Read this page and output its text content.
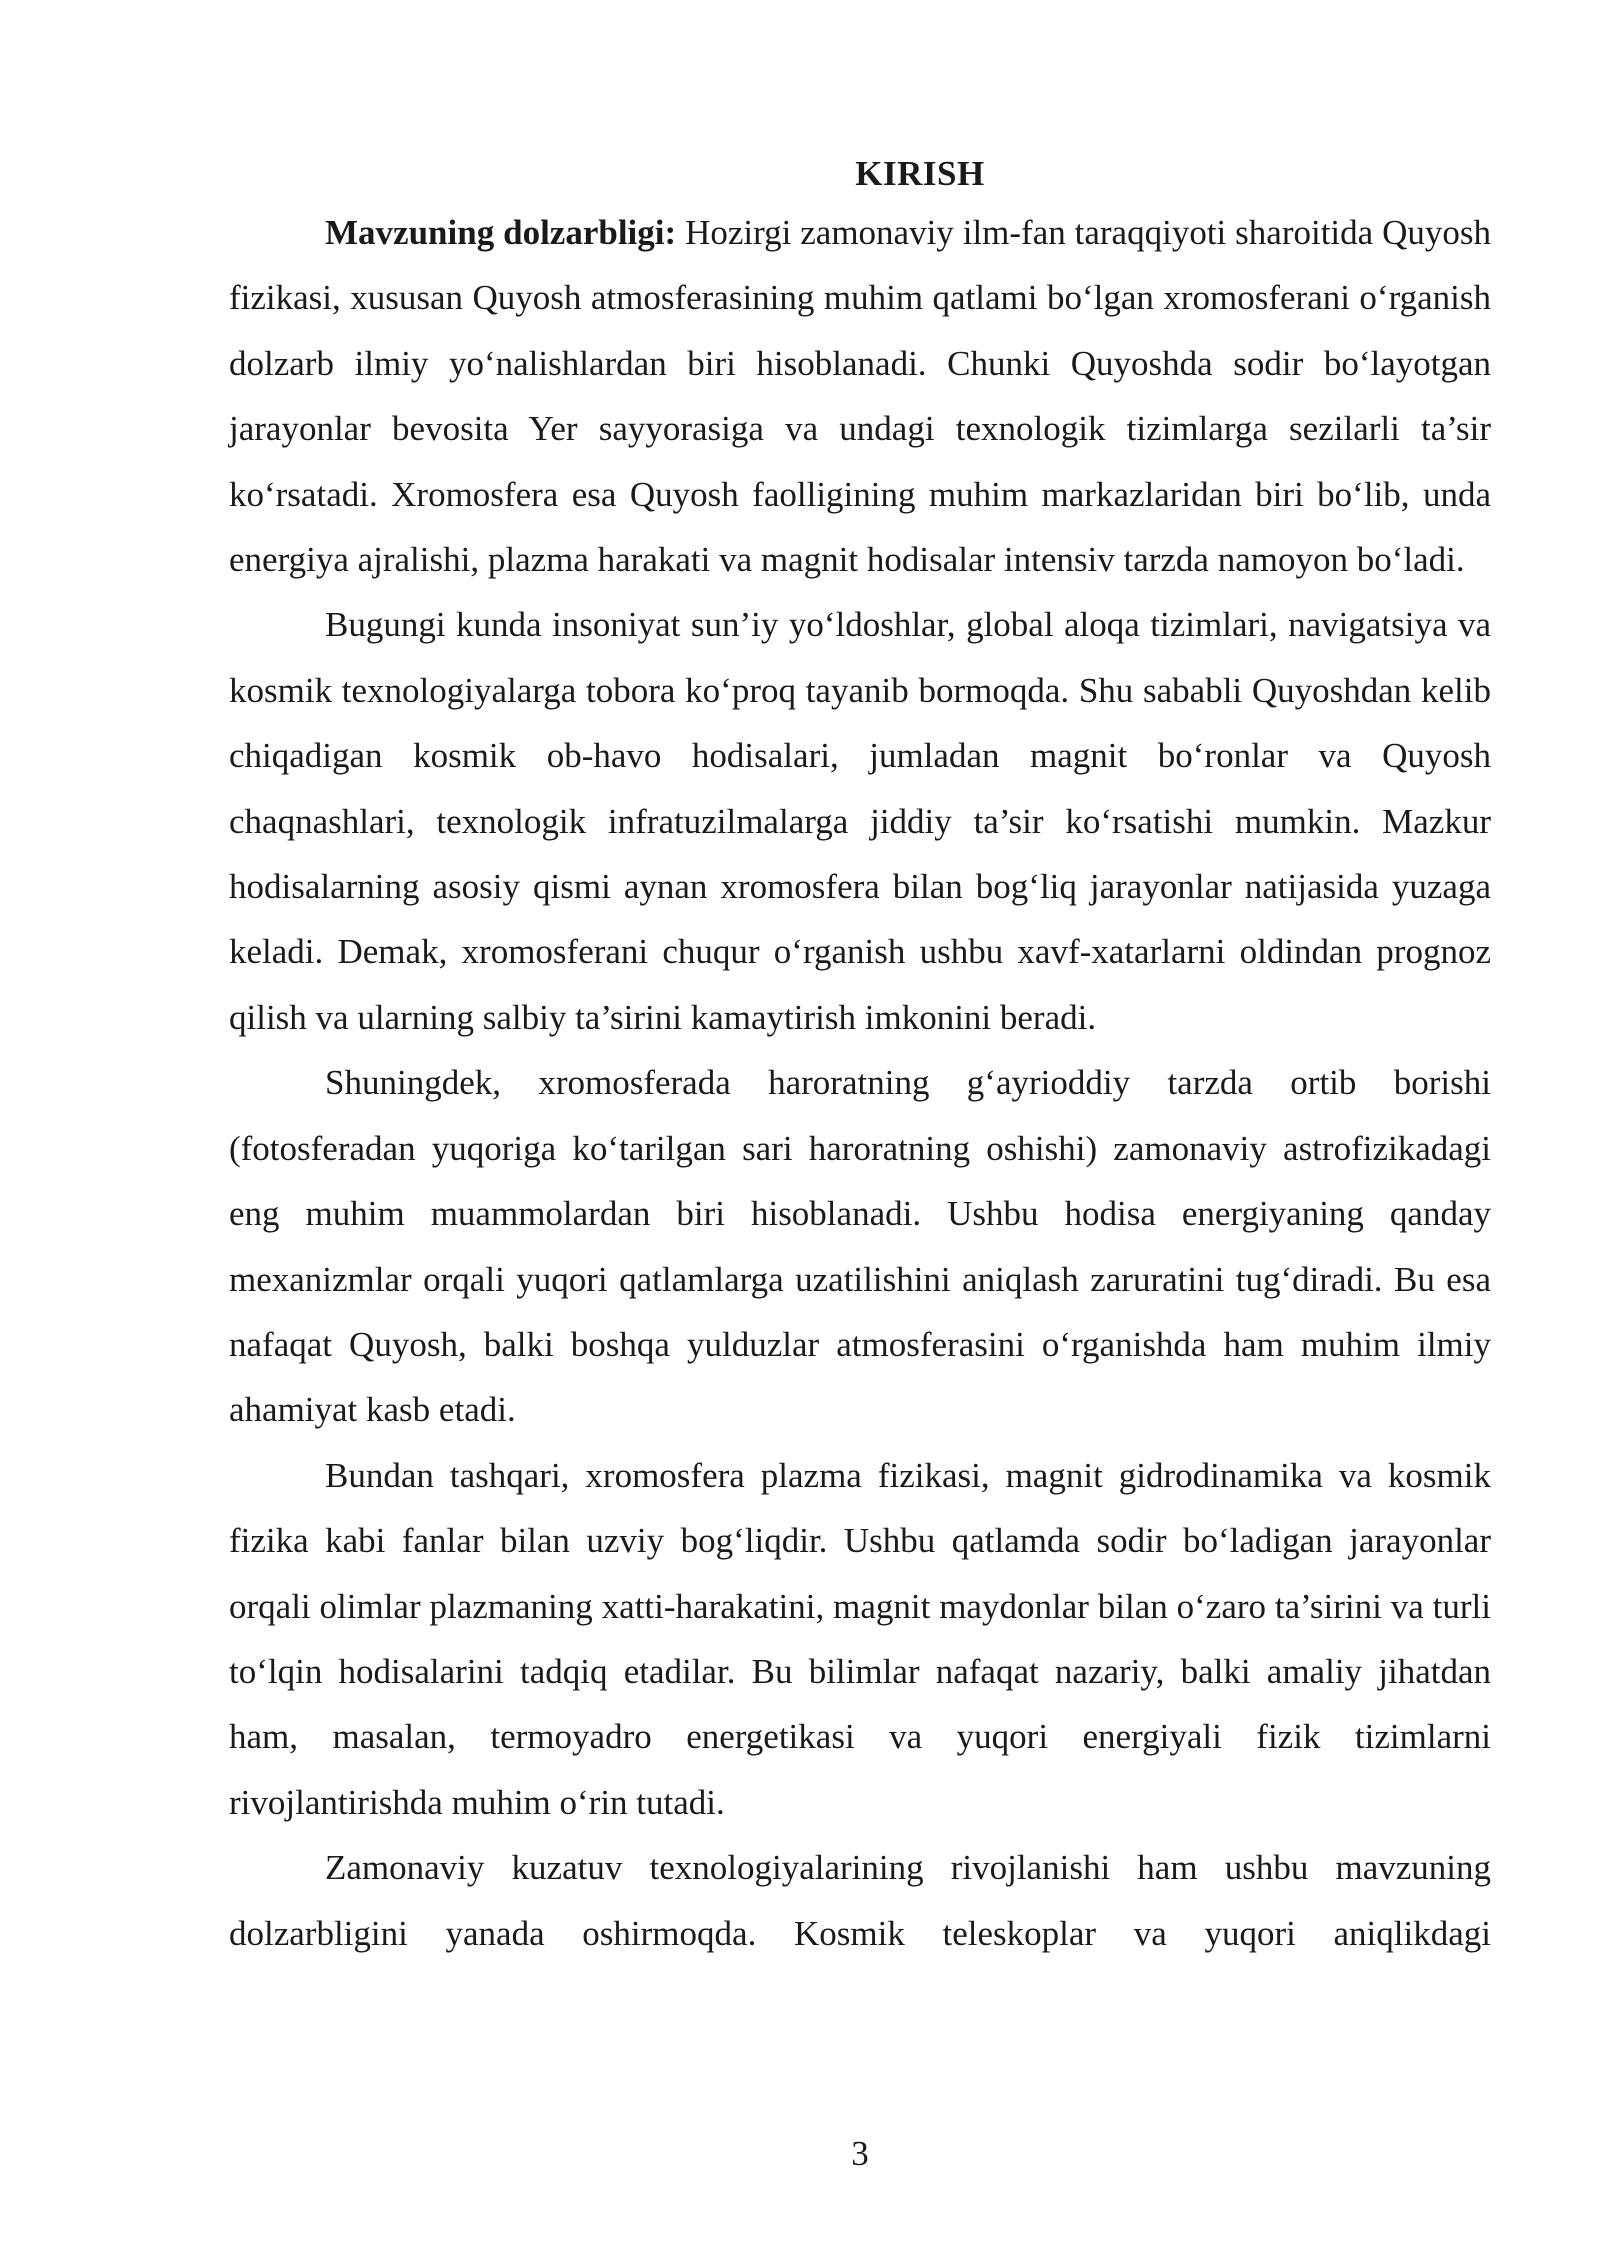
KIRISH

Mavzuning dolzarbligi: Hozirgi zamonaviy ilm-fan taraqqiyoti sharoitida Quyosh fizikasi, xususan Quyosh atmosferasining muhim qatlami bo‘lgan xromosferani o‘rganish dolzarb ilmiy yo‘nalishlardan biri hisoblanadi. Chunki Quyoshda sodir bo‘layotgan jarayonlar bevosita Yer sayyorasiga va undagi texnologik tizimlarga sezilarli ta’sir ko‘rsatadi. Xromosfera esa Quyosh faolligining muhim markazlaridan biri bo‘lib, unda energiya ajralishi, plazma harakati va magnit hodisalar intensiv tarzda namoyon bo‘ladi.

Bugungi kunda insoniyat sun’iy yo‘ldoshlar, global aloqa tizimlari, navigatsiya va kosmik texnologiyalarga tobora ko‘proq tayanib bormoqda. Shu sababli Quyoshdan kelib chiqadigan kosmik ob-havo hodisalari, jumladan magnit bo‘ronlar va Quyosh chaqnashlari, texnologik infratuzilmalarga jiddiy ta’sir ko‘rsatishi mumkin. Mazkur hodisalarning asosiy qismi aynan xromosfera bilan bog‘liq jarayonlar natijasida yuzaga keladi. Demak, xromosferani chuqur o‘rganish ushbu xavf-xatarlarni oldindan prognoz qilish va ularning salbiy ta’sirini kamaytirish imkonini beradi.

Shuningdek, xromosferada haroratning g‘ayrioddiy tarzda ortib borishi (fotosferadan yuqoriga ko‘tarilgan sari haroratning oshishi) zamonaviy astrofizikadagi eng muhim muammolardan biri hisoblanadi. Ushbu hodisa energiyaning qanday mexanizmlar orqali yuqori qatlamlarga uzatilishini aniqlash zaruratini tug‘diradi. Bu esa nafaqat Quyosh, balki boshqa yulduzlar atmosferasini o‘rganishda ham muhim ilmiy ahamiyat kasb etadi.

Bundan tashqari, xromosfera plazma fizikasi, magnit gidrodinamika va kosmik fizika kabi fanlar bilan uzviy bog‘liqdir. Ushbu qatlamda sodir bo‘ladigan jarayonlar orqali olimlar plazmaning xatti-harakatini, magnit maydonlar bilan o‘zaro ta’sirini va turli to‘lqin hodisalarini tadqiq etadilar. Bu bilimlar nafaqat nazariy, balki amaliy jihatdan ham, masalan, termoyadro energetikasi va yuqori energiyali fizik tizimlarni rivojlantirishda muhim o‘rin tutadi.

Zamonaviy kuzatuv texnologiyalarining rivojlanishi ham ushbu mavzuning dolzarbligini yanada oshirmoqda. Kosmik teleskoplar va yuqori aniqlikdagi

3
